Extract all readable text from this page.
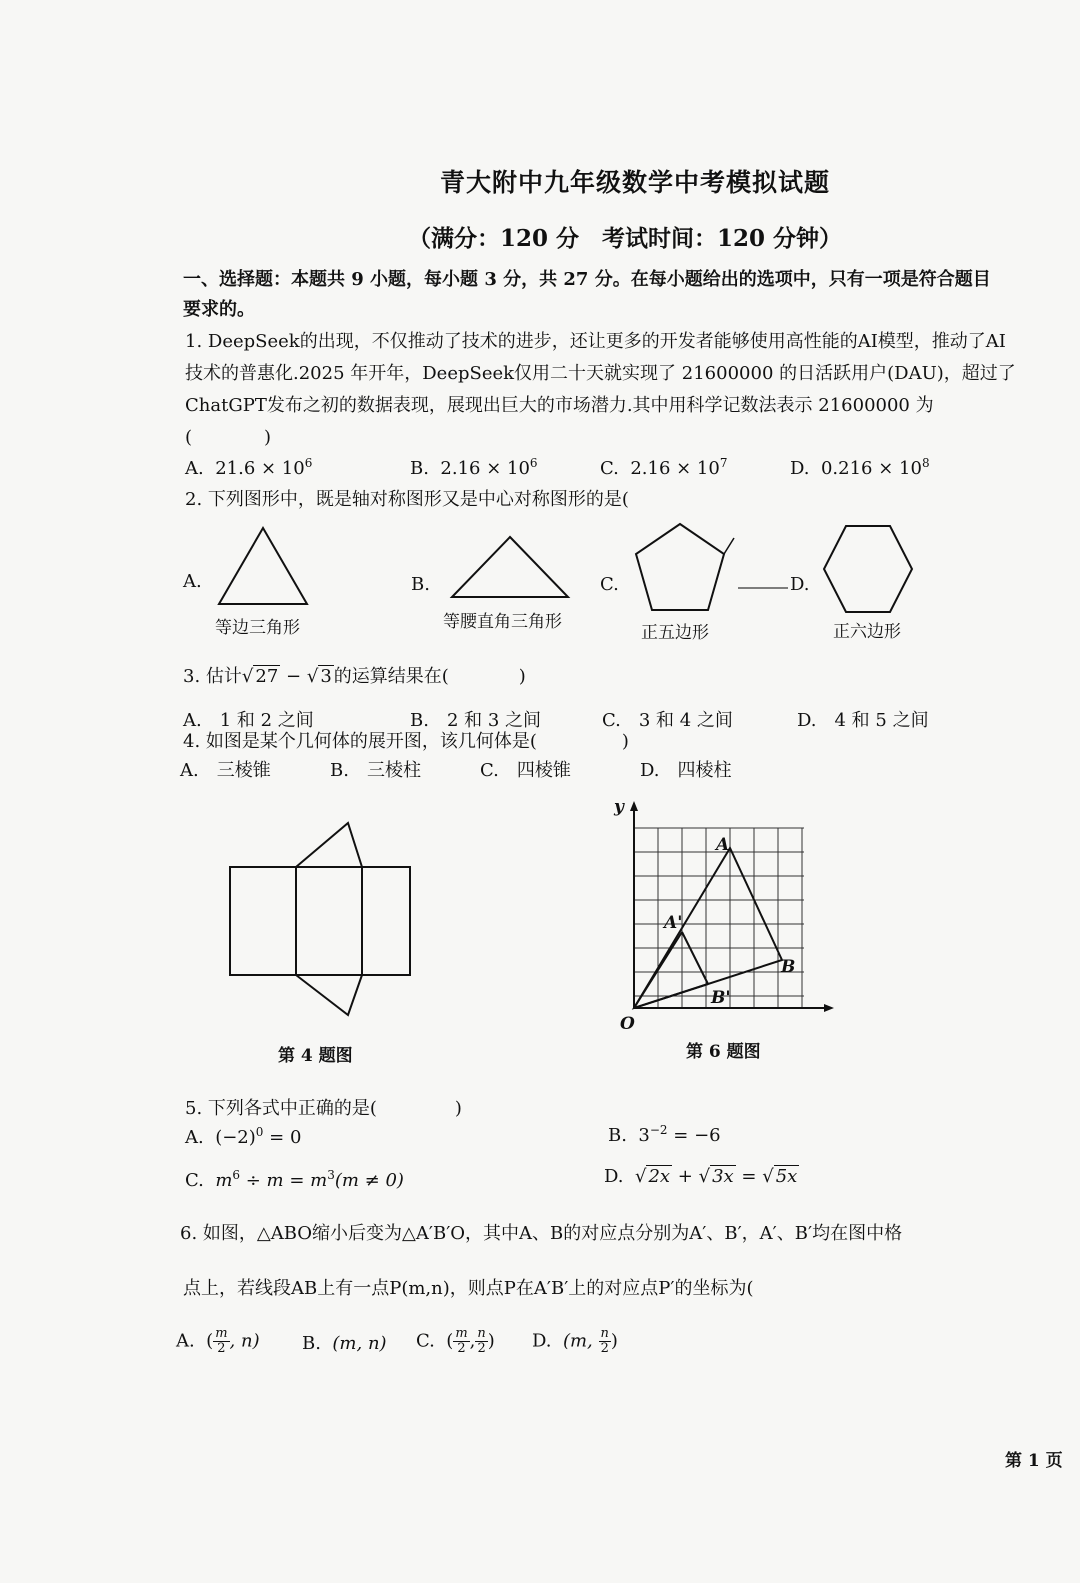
青大附中九年级数学中考模拟试题
（满分：120 分　考试时间：120 分钟）
一、选择题：本题共 9 小题，每小题 3 分，共 27 分。在每小题给出的选项中，只有一项是符合题目
要求的。
1. DeepSeek的出现，不仅推动了技术的进步，还让更多的开发者能够使用高性能的AI模型，推动了AI
技术的普惠化.2025 年开年，DeepSeek仅用二十天就实现了 21600000 的日活跃用户(DAU)，超过了
ChatGPT发布之初的数据表现，展现出巨大的市场潜力.其中用科学记数法表示 21600000 为
(　　　　)
A. $21.6 \times 10^6$	B. $2.16 \times 10^6$	C. $2.16 \times 10^7$	D. $0.216 \times 10^8$
2. 下列图形中，既是轴对称图形又是中心对称图形的是(
A.
等边三角形
B.
等腰直角三角形
C.
正五边形
D.
正六边形
3. 估计√ 27 − √ 3 的运算结果在(	)
A.　1 和 2 之间	B.　2 和 3 之间	C.　3 和 4 之间	D.　4 和 5 之间
4. 如图是某个几何体的展开图，该几何体是(	)
A.　三棱锥	B.　三棱柱	C.　四棱锥	D.　四棱柱
第 4 题图
y
O
A
A'
B
B'
第 6 题图
5. 下列各式中正确的是(	)
A. $(-2)^0 = 0$	B. $3^{-2} = -6$
C. $m^6 \div m = m^3(m \ne 0)$	D.  √ 2x + √ 3x = √ 5x
6. 如图，△ABO缩小后变为△A′B′O，其中A、B的对应点分别为A′、B′，A′、B′均在图中格
点上，若线段AB上有一点P(m,n)，则点P在A′B′上的对应点P′的坐标为(
A.  ( $\frac{m}{2}$ , n) B. (m, n) C.  ( $\frac{m}{2}$ , $\frac{n}{2}$ ) D. (m, $\frac{n}{2}$ )
第 1 页
